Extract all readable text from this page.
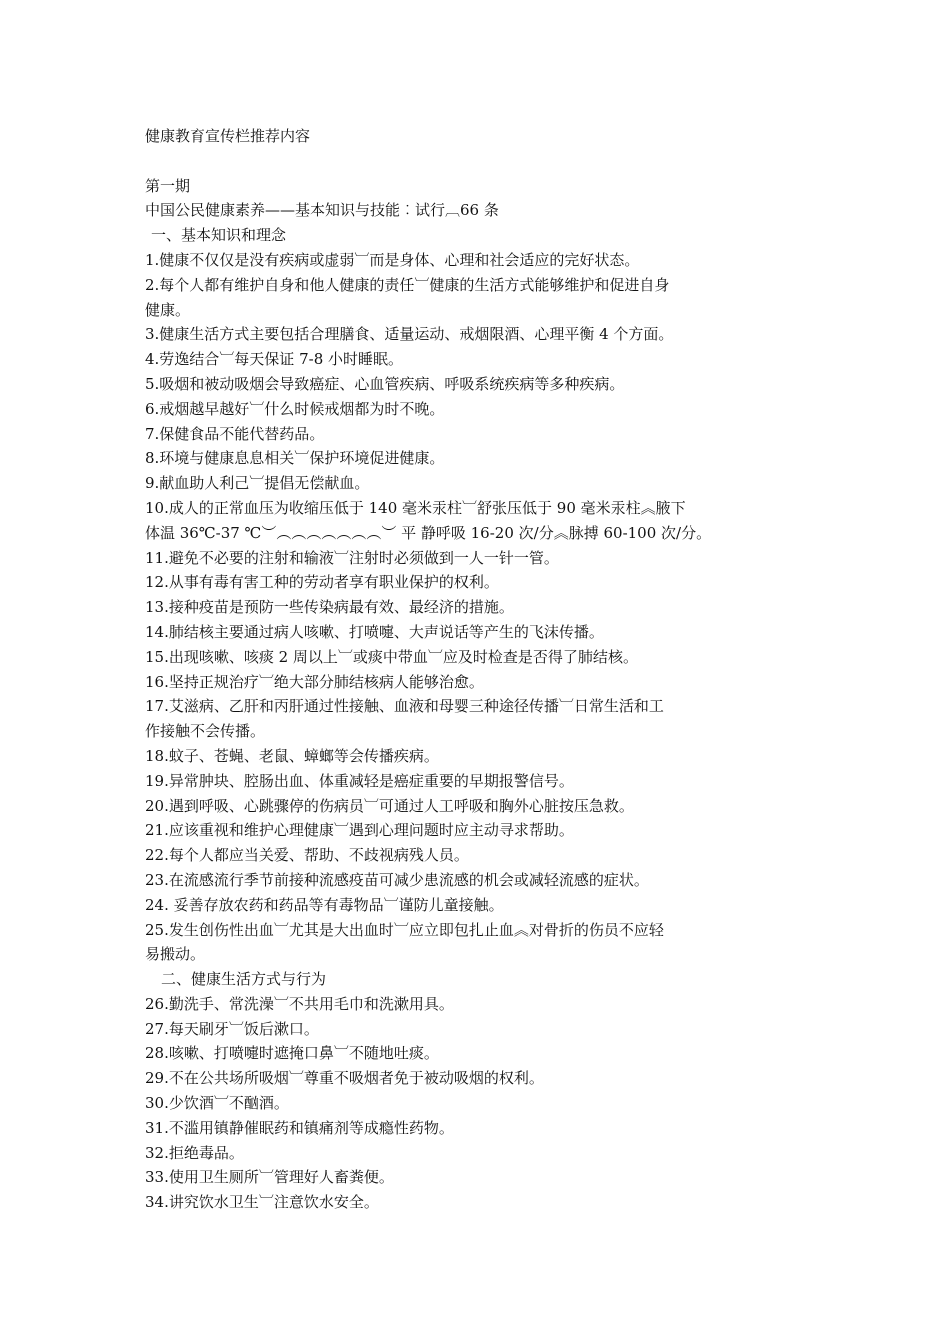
健康教育宣传栏推荐内容
第一期
中国公民健康素养——基本知识与技能︰试行︹66 条
一、基本知识和理念
1.健康不仅仅是没有疾病或虚弱︺而是身体、心理和社会适应的完好状态。
2.每个人都有维护自身和他人健康的责任︺健康的生活方式能够维护和促进自身
健康。
3.健康生活方式主要包括合理膳食、适量运动、戒烟限酒、心理平衡 4 个方面。
4.劳逸结合︺每天保证 7-8 小时睡眠。
5.吸烟和被动吸烟会导致癌症、心血管疾病、呼吸系统疾病等多种疾病。
6.戒烟越早越好︺什么时候戒烟都为时不晚。
7.保健食品不能代替药品。
8.环境与健康息息相关︺保护环境促进健康。
9.献血助人利己︺提倡无偿献血。
10.成人的正常血压为收缩压低于 140 毫米汞柱︺舒张压低于 90 毫米汞柱︽腋下
体温 36℃-37 ℃︶︵︵︵︵︵︵︵︶ 平 静呼吸 16-20 次/分︽脉搏 60-100 次/分。
11.避免不必要的注射和输液︺注射时必须做到一人一针一管。
12.从事有毒有害工种的劳动者享有职业保护的权利。
13.接种疫苗是预防一些传染病最有效、最经济的措施。
14.肺结核主要通过病人咳嗽、打喷嚏、大声说话等产生的飞沫传播。
15.出现咳嗽、咳痰 2 周以上︺或痰中带血︺应及时检查是否得了肺结核。
16.坚持正规治疗︺绝大部分肺结核病人能够治愈。
17.艾滋病、乙肝和丙肝通过性接触、血液和母婴三种途径传播︺日常生活和工
作接触不会传播。
18.蚊子、苍蝇、老鼠、蟑螂等会传播疾病。
19.异常肿块、腔肠出血、体重减轻是癌症重要的早期报警信号。
20.遇到呼吸、心跳骤停的伤病员︺可通过人工呼吸和胸外心脏按压急救。
21.应该重视和维护心理健康︺遇到心理问题时应主动寻求帮助。
22.每个人都应当关爱、帮助、不歧视病残人员。
23.在流感流行季节前接种流感疫苗可减少患流感的机会或减轻流感的症状。
24. 妥善存放农药和药品等有毒物品︺谨防儿童接触。
25.发生创伤性出血︺尤其是大出血时︺应立即包扎止血︽对骨折的伤员不应轻
易搬动。
二、健康生活方式与行为
26.勤洗手、常洗澡︺不共用毛巾和洗漱用具。
27.每天刷牙︺饭后漱口。
28.咳嗽、打喷嚏时遮掩口鼻︺不随地吐痰。
29.不在公共场所吸烟︺尊重不吸烟者免于被动吸烟的权利。
30.少饮酒︺不酗酒。
31.不滥用镇静催眠药和镇痛剂等成瘾性药物。
32.拒绝毒品。
33.使用卫生厕所︺管理好人畜粪便。
34.讲究饮水卫生︺注意饮水安全。
